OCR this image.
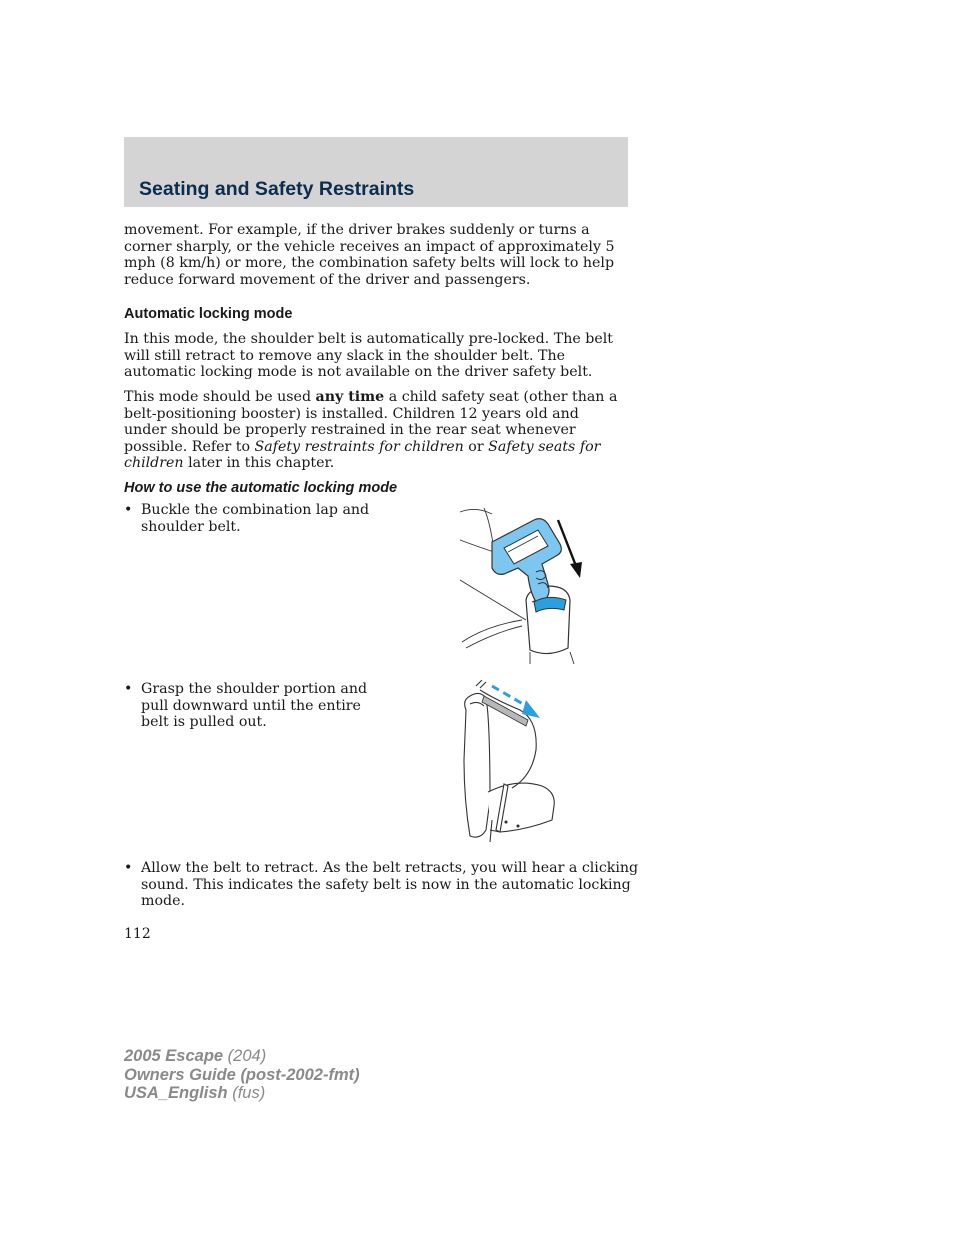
Seating and Safety Restraints

movement. For example, if the driver brakes suddenly or turns a corner sharply, or the vehicle receives an impact of approximately 5 mph (8 km/h) or more, the combination safety belts will lock to help reduce forward movement of the driver and passengers.

Automatic locking mode

In this mode, the shoulder belt is automatically pre-locked. The belt will still retract to remove any slack in the shoulder belt. The automatic locking mode is not available on the driver safety belt.

This mode should be used any time a child safety seat (other than a belt-positioning booster) is installed. Children 12 years old and under should be properly restrained in the rear seat whenever possible. Refer to Safety restraints for children or Safety seats for children later in this chapter.

How to use the automatic locking mode
• Buckle the combination lap and
shoulder belt.
• Grasp the shoulder portion and
pull downward until the entire
belt is pulled out.
• Allow the belt to retract. As the belt retracts, you will hear a clicking
sound. This indicates the safety belt is now in the automatic locking
mode.
112
2005 Escape (204)
Owners Guide (post-2002-fmt)
USA_English (fus)
